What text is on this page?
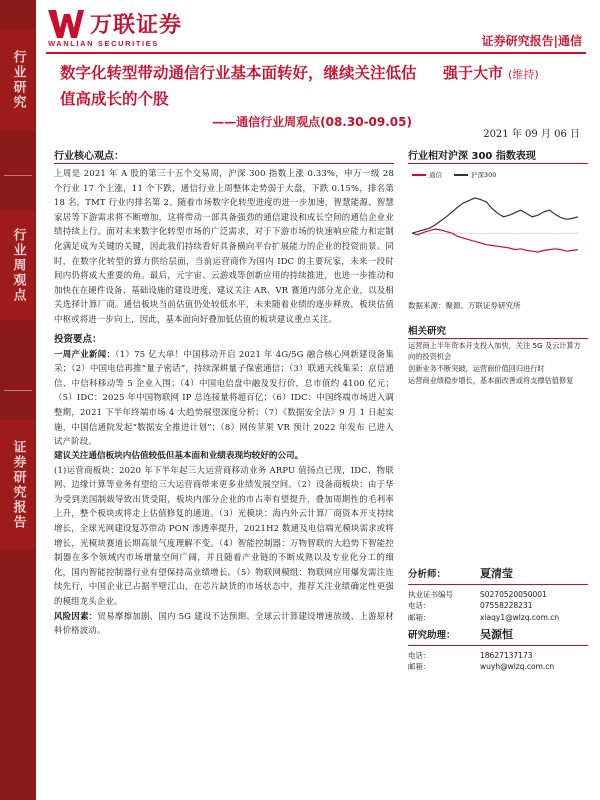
行业研究
行业周观点
证券研究报告
万联证券
WANLIAN SECURITIES	证券研究报告|通信
数字化转型带动通信行业基本面转好，继续关注低估值高成长的个股
——通信行业周观点(08.30-09.05)
强于大市 (维持)
2021 年 09 月 06 日
行业核心观点：
上周是 2021 年 A 股的第三十五个交易周，沪深 300 指数上涨 0.33%，申万一级 28 个行业 17 个上涨，11 个下跌，通信行业上周整体走势弱于大盘，下跌 0.15%，排名第 18 名，TMT 行业内排名第 2。随着市场数字化转型进度的进一步加速，智慧能源、智慧家居等下游需求将不断增加，这将带动一部具备强劲的通信建设和成长空间的通信企业业绩持续上行。面对未来数字化转型市场的广泛需求，对于下游市场的快速响应能力和定制化满足成为关键的关键，因此我们持续看好具备横向平台扩展能力的企业的投资前景。同时，在数字化转型的算力供给层面，当前运营商作为国内 IDC 的主要玩家，未来一段时间内仍将成大重要的角。最后，元宇宙、云游戏等创新应用的持续推进，也进一步推动和加快在在硬件设备、基础设施的建设进度，建议关注 AR、VR 赛道内部分龙企业，以及相关选择计算厂商。通信板块当前估值仍处较低水平，未来随着业绩的逐步释放，板块估值中枢或将进一步向上，因此，基本面向好叠加低估值的板块建议重点关注。
投资要点：
一周产业新闻：（1）75 亿大单！中国移动开启 2021 年 4G/5G 融合核心网新建设备集采；（2）中国电信再推“量子密话”，持续深耕量子保密通信；（3）联通天线集采：京信通信、中信科移动等 5 企业入围；（4）中国电信盘中融及发行价，总市值约 4100 亿元；（5）IDC：2025 年中国物联网 IP 总连接量将超百亿；（6）IDC：中国终端市场进入调整期，2021 下半年终端市场 4 大趋势展望深度分析；（7）《数据安全法》9 月 1 日起实施，中国信通院发起“数据安全推进计划”；（8）网传苹果 VR 预计 2022 年发布 已进入试产阶段。
建议关注通信板块内估值较低但基本面和业绩表现均较好的公司。
(1)运营商板块：2020 年下半年起三大运营商移动业务 ARPU 值扬点已现，IDC、物联网、边缘计算等业务有望给三大运营商带来更多业绩发展空间。（2）设备商板块：由于华为受到美国制裁导致出货受阻，板块内部分企业的市占率有望提升，叠加周期性的毛利率上升，整个板块或将走上估值修复的通道。（3）光模块：海内外云计算厂商资本开支持续增长，全球光网建设复苏带动 PON 渗透率提升，2021H2 数通及电信端光模块需求或将增长，光模块赛道长期高景气度理解不变。（4）智能控制器：万物智联的大趋势下智能控制器在多个领域内市场增量空间广阔，并且随着产业链的不断成熟以及专业化分工的细化，国内智能控制器行业有望保持高业绩增长。（5）物联网模组：物联网应用爆发需注连续先行，中国企业已占据半壁江山，在芯片缺货的市场状态中，推荐关注业绩确定性更强的模组龙头企业。
风险因素：贸易摩擦加剧、国内 5G 建设不达预期、全球云计算建设增速放缓、上游原材料价格波动。
行业相对沪深 300 指数表现
通信	沪深300
数据来源：聚源、万联证券研究所
相关研究
运营商上半年资本开支投入加快，关注 5G 及云计算方向的投资机会
创新业务不断突破，运营商价值回归进行时
运营商业绩稳步增长，基本面改善或将支撑估值修复
分析师：	夏清莹
执业证书编号	S0270520050001
电话：	07558228231
邮箱：	xiaqy1@wlzq.com.cn
研究助理：	吴源恒
电话：	18627137173
邮箱：	wuyh@wlzq.com.cn
